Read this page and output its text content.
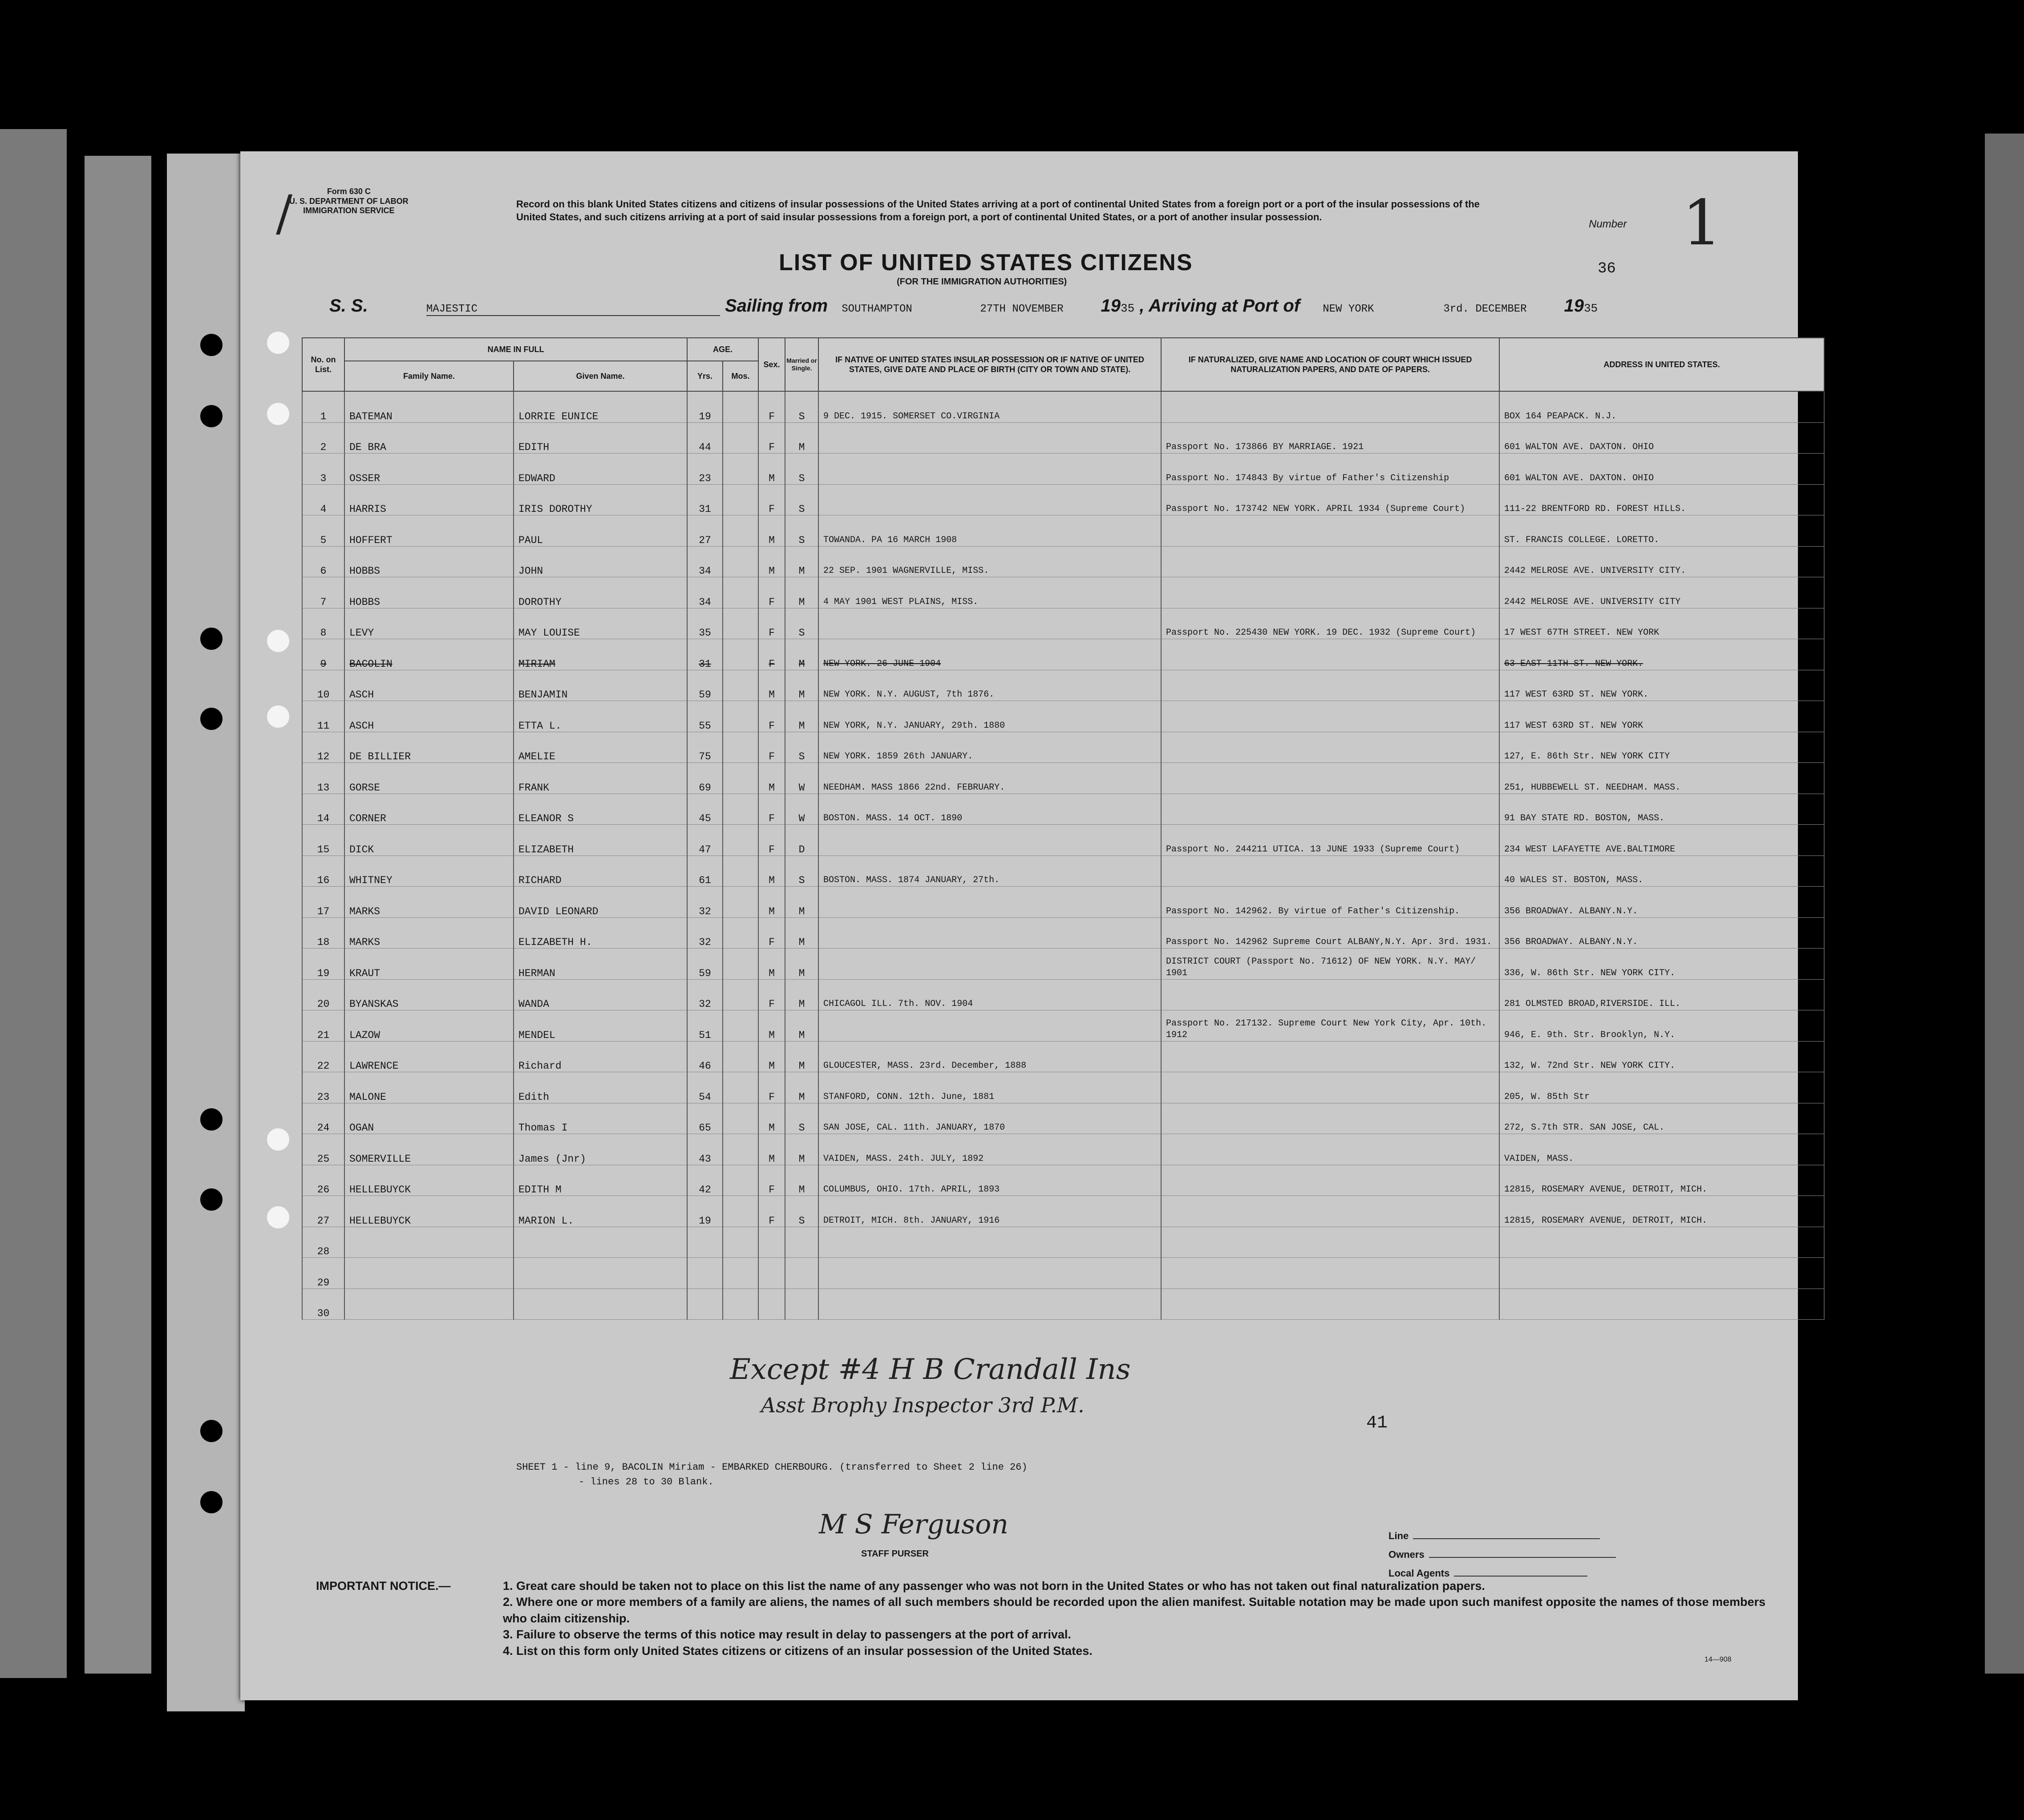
Form 630 C
U. S. DEPARTMENT OF LABOR
IMMIGRATION SERVICE
/	Record on this blank United States citizens and citizens of insular possessions of the United States arriving at a port of continental United States from a foreign port or a port of the insular possessions of the United States, and such citizens arriving at a port of said insular possessions from a foreign port, a port of continental United States, or a port of another insular possession.
Number 1
36
LIST OF UNITED STATES CITIZENS
(FOR THE IMMIGRATION AUTHORITIES)
S. S.	MAJESTIC	Sailing from SOUTHAMPTON	27TH NOVEMBER 1935 , Arriving at Port of NEW YORK	3rd. DECEMBER 1935
No. on List.	NAME IN FULL		AGE.		Sex.	Married or Single.	IF NATIVE OF UNITED STATES INSULAR POSSESSION OR IF NATIVE OF UNITED STATES, GIVE DATE AND PLACE OF BIRTH (CITY OR TOWN AND STATE).	IF NATURALIZED, GIVE NAME AND LOCATION OF COURT WHICH ISSUED NATURALIZATION PAPERS, AND DATE OF PAPERS.	ADDRESS IN UNITED STATES.
	Family Name.	Given Name.	Yrs.	Mos.					
1	BATEMAN	LORRIE EUNICE	19		F	S	9 DEC. 1915. SOMERSET CO.VIRGINIA		BOX 164 PEAPACK. N.J.
2	DE BRA	EDITH	44		F	M		Passport No. 173866 BY MARRIAGE. 1921	601 WALTON AVE. DAXTON. OHIO
3	OSSER	EDWARD	23		M	S		Passport No. 174843 By virtue of Father's Citizenship	601 WALTON AVE. DAXTON. OHIO
4	HARRIS	IRIS DOROTHY	31		F	S		Passport No. 173742 NEW YORK. APRIL 1934 (Supreme Court)	111-22 BRENTFORD RD. FOREST HILLS.
5	HOFFERT	PAUL	27		M	S	TOWANDA. PA 16 MARCH 1908		ST. FRANCIS COLLEGE. LORETTO.
6	HOBBS	JOHN	34		M	M	22 SEP. 1901 WAGNERVILLE, MISS.		2442 MELROSE AVE. UNIVERSITY CITY.
7	HOBBS	DOROTHY	34		F	M	4 MAY 1901 WEST PLAINS, MISS.		2442 MELROSE AVE. UNIVERSITY CITY
8	LEVY	MAY LOUISE	35		F	S		Passport No. 225430 NEW YORK. 19 DEC. 1932 (Supreme Court)	17 WEST 67TH STREET. NEW YORK
9	BACOLIN	MIRIAM	31		F	M	NEW YORK. 26 JUNE 1904		63 EAST 11TH ST. NEW YORK.
10	ASCH	BENJAMIN	59		M	M	NEW YORK. N.Y. AUGUST, 7th 1876.		117 WEST 63RD ST. NEW YORK.
11	ASCH	ETTA L.	55		F	M	NEW YORK, N.Y. JANUARY, 29th. 1880		117 WEST 63RD ST. NEW YORK
12	DE BILLIER	AMELIE	75		F	S	NEW YORK. 1859 26th JANUARY.		127, E. 86th Str. NEW YORK CITY
13	GORSE	FRANK	69		M	W	NEEDHAM. MASS 1866 22nd. FEBRUARY.		251, HUBBEWELL ST. NEEDHAM. MASS.
14	CORNER	ELEANOR S	45		F	W	BOSTON. MASS. 14 OCT. 1890		91 BAY STATE RD. BOSTON, MASS.
15	DICK	ELIZABETH	47		F	D		Passport No. 244211 UTICA. 13 JUNE 1933 (Supreme Court)	234 WEST LAFAYETTE AVE.BALTIMORE
16	WHITNEY	RICHARD	61		M	S	BOSTON. MASS. 1874 JANUARY, 27th.		40 WALES ST. BOSTON, MASS.
17	MARKS	DAVID LEONARD	32		M	M		Passport No. 142962. By virtue of Father's Citizenship.	356 BROADWAY. ALBANY.N.Y.
18	MARKS	ELIZABETH H.	32		F	M		Passport No. 142962 Supreme Court ALBANY,N.Y. Apr. 3rd. 1931.	356 BROADWAY. ALBANY.N.Y.
19	KRAUT	HERMAN	59		M	M		DISTRICT COURT (Passport No. 71612) OF NEW YORK. N.Y. MAY/ 1901	336, W. 86th Str. NEW YORK CITY.
20	BYANSKAS	WANDA	32		F	M	CHICAGOL ILL. 7th. NOV. 1904		281 OLMSTED BROAD,RIVERSIDE. ILL.
21	LAZOW	MENDEL	51		M	M		Passport No. 217132. Supreme Court New York City, Apr. 10th. 1912	946, E. 9th. Str. Brooklyn, N.Y.
22	LAWRENCE	Richard	46		M	M	GLOUCESTER, MASS. 23rd. December, 1888		132, W. 72nd Str. NEW YORK CITY.
23	MALONE	Edith	54		F	M	STANFORD, CONN. 12th. June, 1881		205, W. 85th Str
24	OGAN	Thomas I	65		M	S	SAN JOSE, CAL. 11th. JANUARY, 1870		272, S.7th STR. SAN JOSE, CAL.
25	SOMERVILLE	James (Jnr)	43		M	M	VAIDEN, MASS. 24th. JULY, 1892		VAIDEN, MASS.
26	HELLEBUYCK	EDITH M	42		F	M	COLUMBUS, OHIO. 17th. APRIL, 1893		12815, ROSEMARY AVENUE, DETROIT, MICH.
27	HELLEBUYCK	MARION L.	19		F	S	DETROIT, MICH. 8th. JANUARY, 1916		12815, ROSEMARY AVENUE, DETROIT, MICH.
28									
29									
30									
SHEET 1 - line 9, BACOLIN Miriam - EMBARKED CHERBOURG. (transferred to Sheet 2 line 26)
- lines 28 to 30 Blank.
41
Except #4 H B Crandall Ins
Asst Brophy Inspector 3rd P.M.
M S Ferguson
STAFF PURSER
Line
Owners
Local Agents
IMPORTANT NOTICE.—	1. Great care should be taken not to place on this list the name of any passenger who was not born in the United States or who has not taken out final naturalization papers.
2. Where one or more members of a family are aliens, the names of all such members should be recorded upon the alien manifest. Suitable notation may be made upon such manifest opposite the names of those members who claim citizenship.
3. Failure to observe the terms of this notice may result in delay to passengers at the port of arrival.
4. List on this form only United States citizens or citizens of an insular possession of the United States.
14—908
